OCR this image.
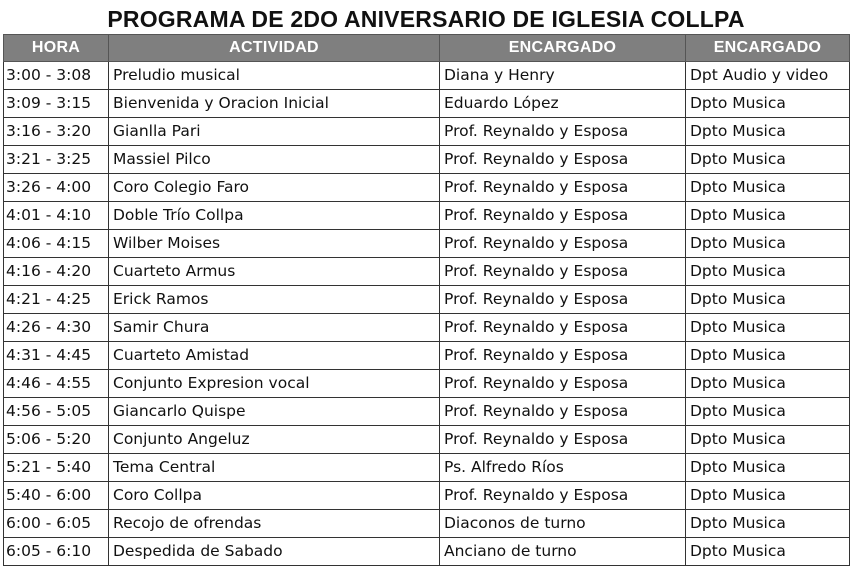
PROGRAMA DE 2DO ANIVERSARIO DE IGLESIA COLLPA
HORA	ACTIVIDAD	ENCARGADO	ENCARGADO
3:00 - 3:08	Preludio musical	Diana y Henry	Dpt Audio y video
3:09 - 3:15	Bienvenida y Oracion Inicial	Eduardo López	Dpto Musica
3:16 - 3:20	Gianlla Pari	Prof. Reynaldo y Esposa	Dpto Musica
3:21 - 3:25	Massiel Pilco	Prof. Reynaldo y Esposa	Dpto Musica
3:26 - 4:00	Coro Colegio Faro	Prof. Reynaldo y Esposa	Dpto Musica
4:01 - 4:10	Doble Trío Collpa	Prof. Reynaldo y Esposa	Dpto Musica
4:06 - 4:15	Wilber Moises	Prof. Reynaldo y Esposa	Dpto Musica
4:16 - 4:20	Cuarteto Armus	Prof. Reynaldo y Esposa	Dpto Musica
4:21 - 4:25	Erick Ramos	Prof. Reynaldo y Esposa	Dpto Musica
4:26 - 4:30	Samir Chura	Prof. Reynaldo y Esposa	Dpto Musica
4:31 - 4:45	Cuarteto Amistad	Prof. Reynaldo y Esposa	Dpto Musica
4:46 - 4:55	Conjunto Expresion vocal	Prof. Reynaldo y Esposa	Dpto Musica
4:56 - 5:05	Giancarlo Quispe	Prof. Reynaldo y Esposa	Dpto Musica
5:06 - 5:20	Conjunto Angeluz	Prof. Reynaldo y Esposa	Dpto Musica
5:21 - 5:40	Tema Central	Ps. Alfredo Ríos	Dpto Musica
5:40 - 6:00	Coro Collpa	Prof. Reynaldo y Esposa	Dpto Musica
6:00 - 6:05	Recojo de ofrendas	Diaconos de turno	Dpto Musica
6:05 - 6:10	Despedida de Sabado	Anciano de turno	Dpto Musica
